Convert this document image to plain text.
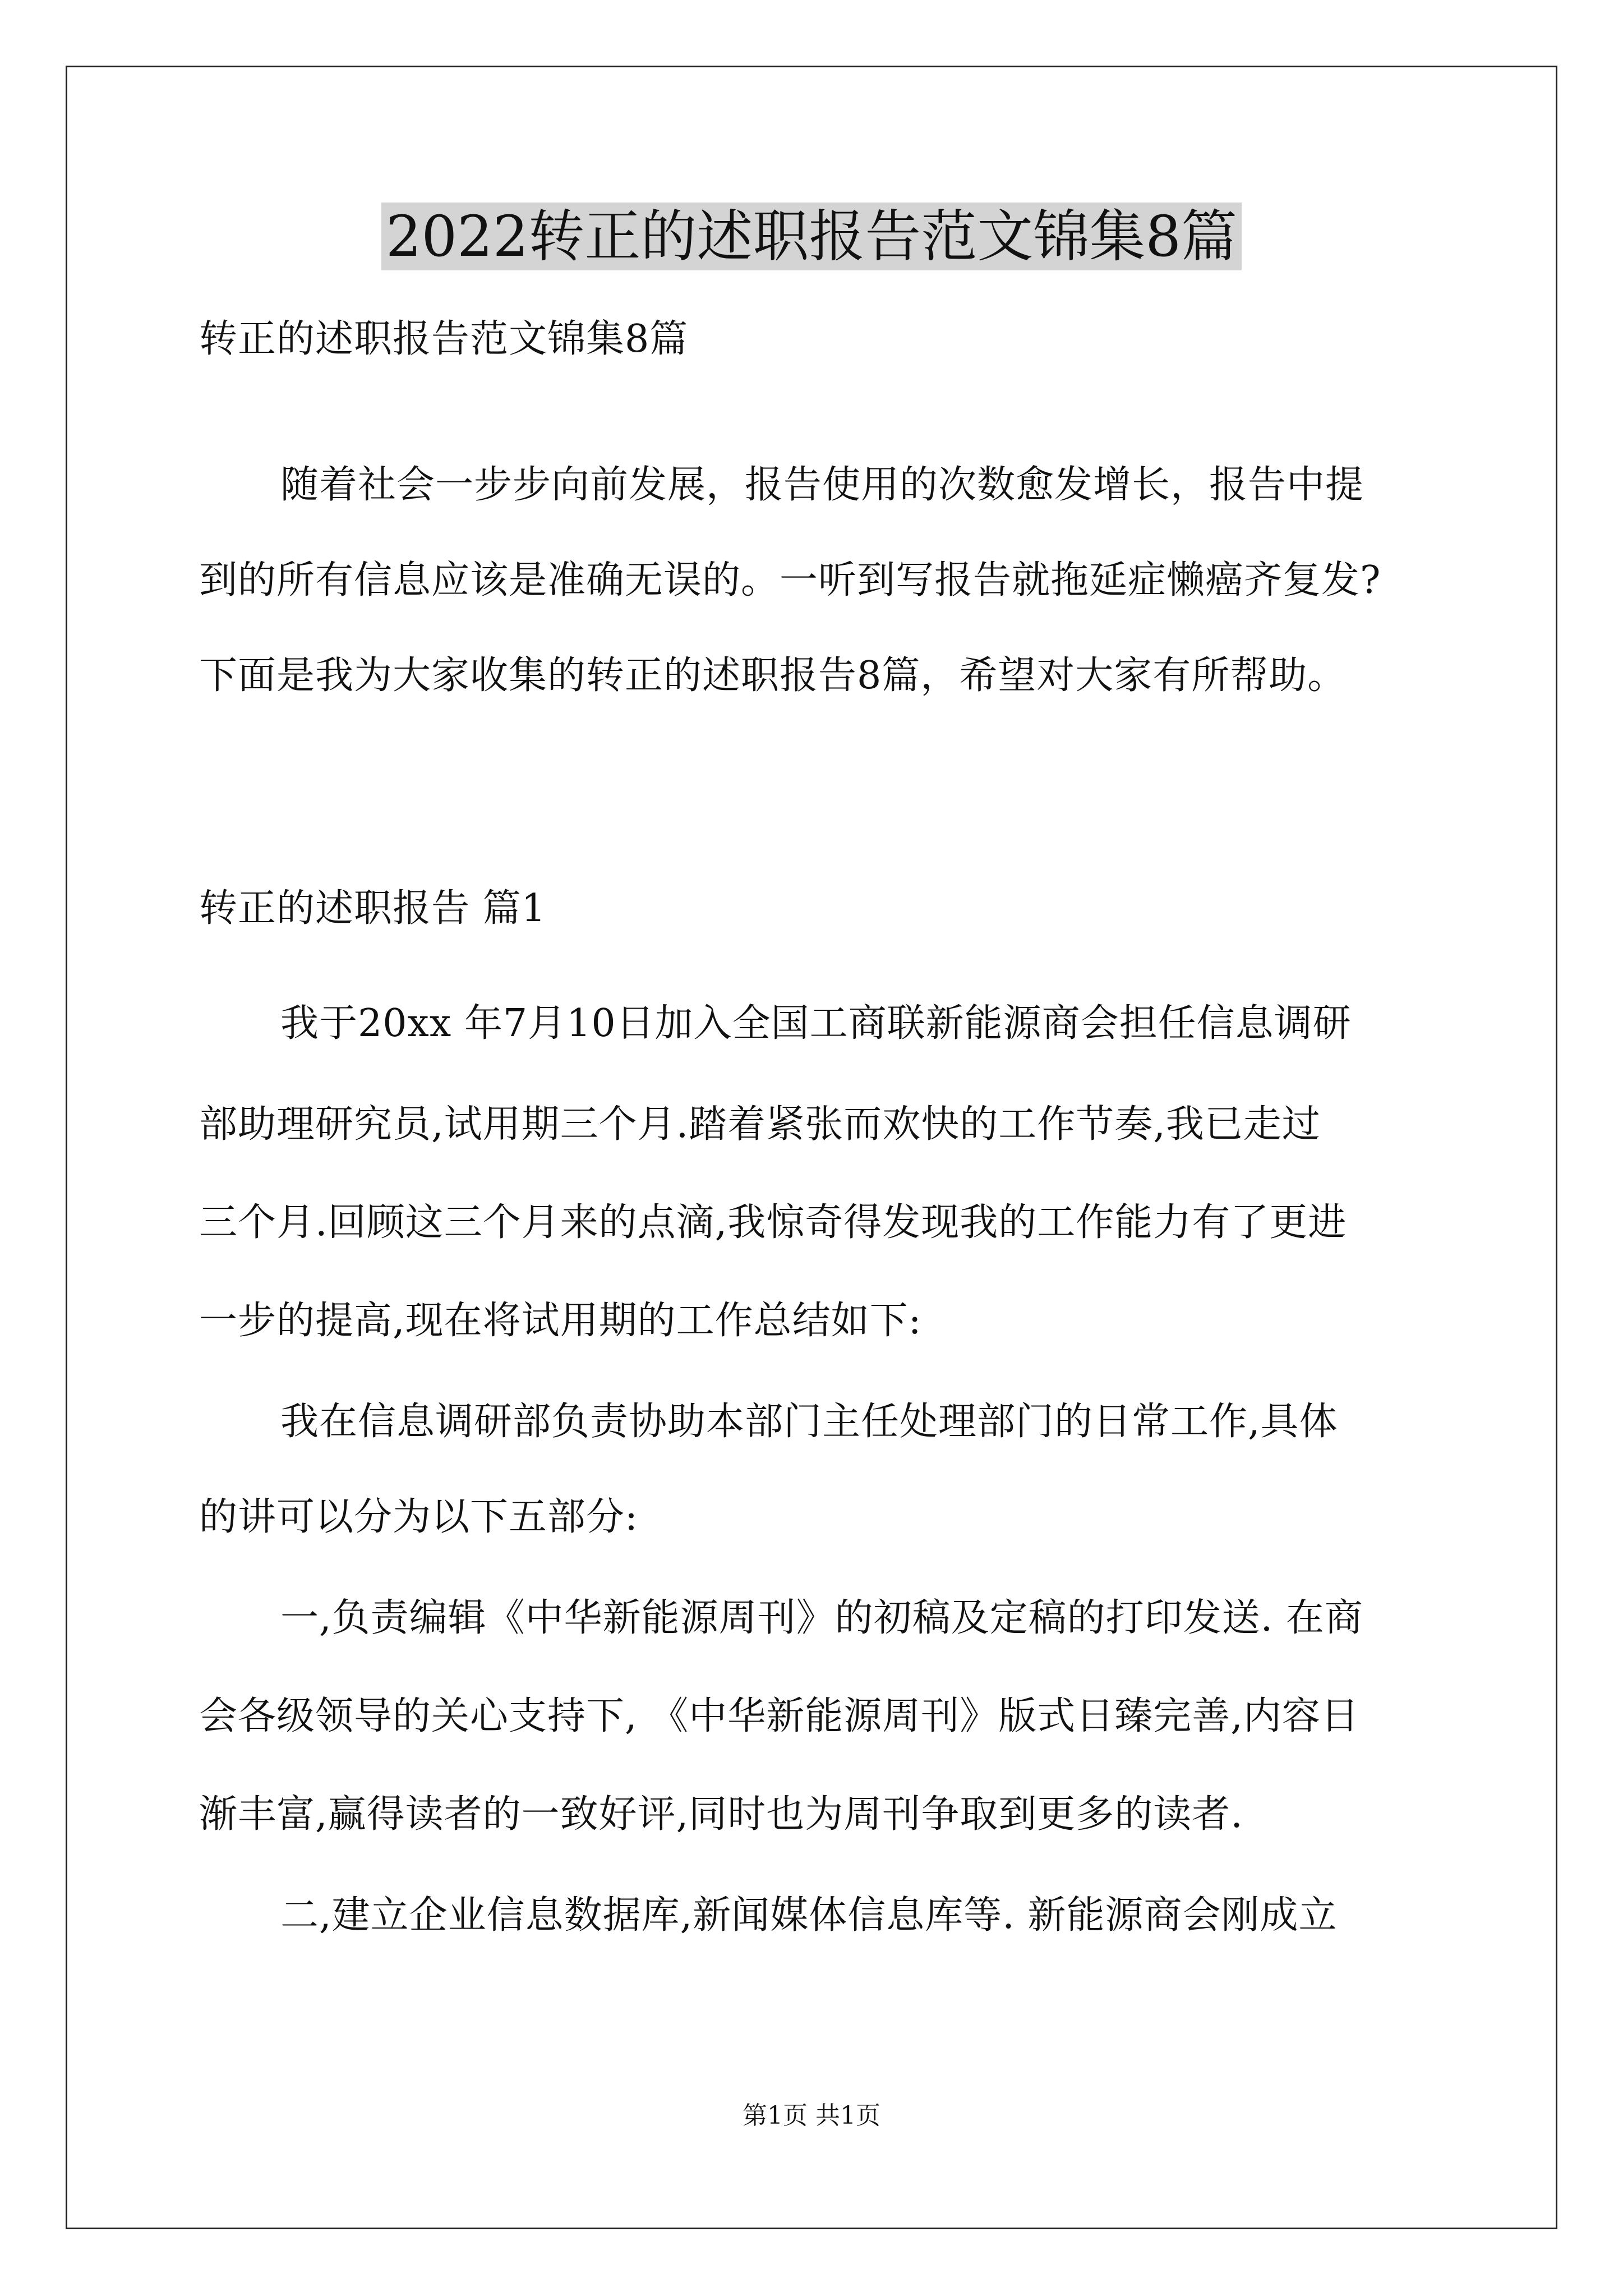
2022转正的述职报告范文锦集8篇
转正的述职报告范文锦集8篇
随着社会一步步向前发展，报告使用的次数愈发增长，报告中提
到的所有信息应该是准确无误的。一听到写报告就拖延症懒癌齐复发?
下面是我为大家收集的转正的述职报告8篇，希望对大家有所帮助。
转正的述职报告 篇1
我于20xx 年7月10日加入全国工商联新能源商会担任信息调研
部助理研究员,试用期三个月.踏着紧张而欢快的工作节奏,我已走过
三个月.回顾这三个月来的点滴,我惊奇得发现我的工作能力有了更进
一步的提高,现在将试用期的工作总结如下:
我在信息调研部负责协助本部门主任处理部门的日常工作,具体
的讲可以分为以下五部分:
一,负责编辑《中华新能源周刊》的初稿及定稿的打印发送. 在商
会各级领导的关心支持下, 《中华新能源周刊》版式日臻完善,内容日
渐丰富,赢得读者的一致好评,同时也为周刊争取到更多的读者.
二,建立企业信息数据库,新闻媒体信息库等. 新能源商会刚成立
第1页 共1页
